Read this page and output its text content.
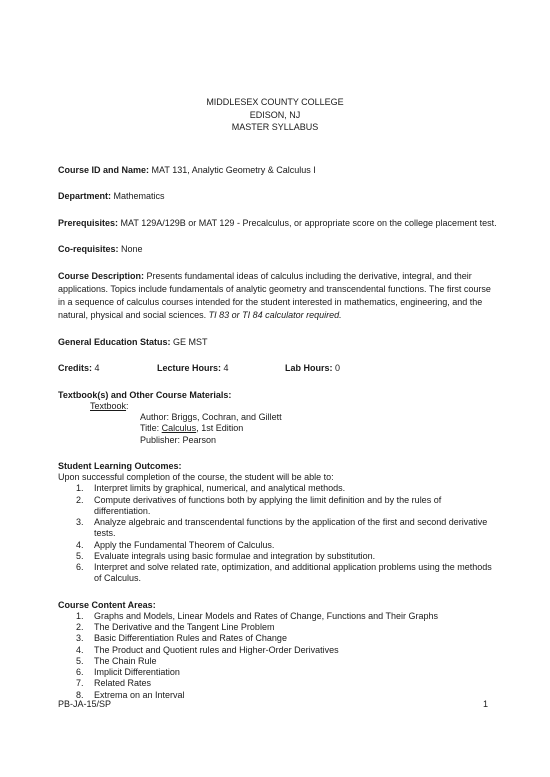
MIDDLESEX COUNTY COLLEGE
EDISON, NJ
MASTER SYLLABUS

Course ID and Name: MAT 131, Analytic Geometry & Calculus I

Department: Mathematics

Prerequisites: MAT 129A/129B or MAT 129 - Precalculus, or appropriate score on the college placement test.

Co-requisites: None

Course Description: Presents fundamental ideas of calculus including the derivative, integral, and their applications. Topics include fundamentals of analytic geometry and transcendental functions. The first course in a sequence of calculus courses intended for the student interested in mathematics, engineering, and the natural, physical and social sciences. TI 83 or TI 84 calculator required.

General Education Status: GE MST

Credits: 4	Lecture Hours: 4	Lab Hours: 0
Textbook(s) and Other Course Materials:
Textbook:
Author: Briggs, Cochran, and Gillett
Title: Calculus, 1st Edition
Publisher: Pearson
Student Learning Outcomes:
Upon successful completion of the course, the student will be able to:
1. Interpret limits by graphical, numerical, and analytical methods.
2. Compute derivatives of functions both by applying the limit definition and by the rules of differentiation.
3. Analyze algebraic and transcendental functions by the application of the first and second derivative tests.
4. Apply the Fundamental Theorem of Calculus.
5. Evaluate integrals using basic formulae and integration by substitution.
6. Interpret and solve related rate, optimization, and additional application problems using the methods of Calculus.
Course Content Areas:
1. Graphs and Models, Linear Models and Rates of Change, Functions and Their Graphs
2. The Derivative and the Tangent Line Problem
3. Basic Differentiation Rules and Rates of Change
4. The Product and Quotient rules and Higher-Order Derivatives
5. The Chain Rule
6. Implicit Differentiation
7. Related Rates
8. Extrema on an Interval
PB-JA-15/SP	1
